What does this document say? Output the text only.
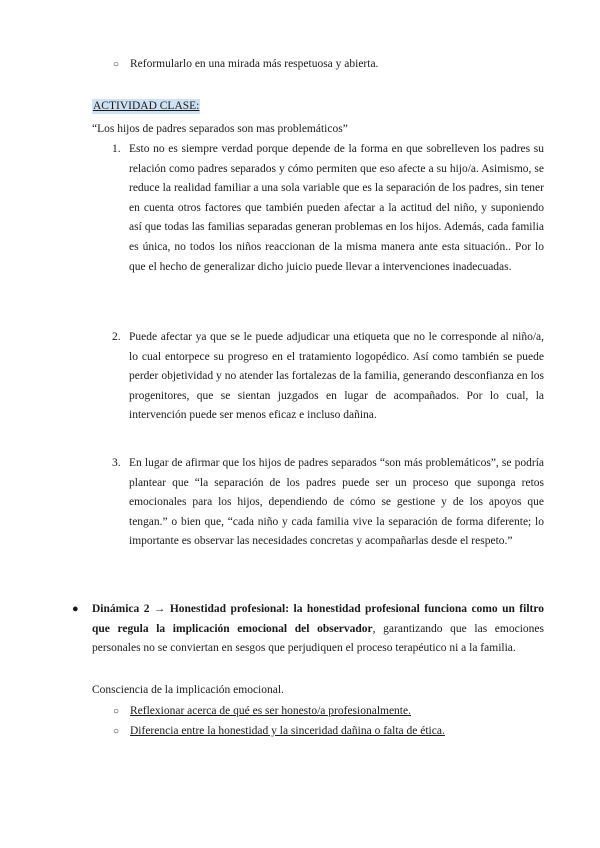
○ Reformularlo en una mirada más respetuosa y abierta.
ACTIVIDAD CLASE:
“Los hijos de padres separados son mas problemáticos”
1. Esto no es siempre verdad porque depende de la forma en que sobrelleven los padres su relación como padres separados y cómo permiten que eso afecte a su hijo/a. Asimismo, se reduce la realidad familiar a una sola variable que es la separación de los padres, sin tener en cuenta otros factores que también pueden afectar a la actitud del niño, y suponiendo así que todas las familias separadas generan problemas en los hijos. Además, cada familia es única, no todos los niños reaccionan de la misma manera ante esta situación.. Por lo que el hecho de generalizar dicho juicio puede llevar a intervenciones inadecuadas.
2. Puede afectar ya que se le puede adjudicar una etiqueta que no le corresponde al niño/a, lo cual entorpece su progreso en el tratamiento logopédico. Así como también se puede perder objetividad y no atender las fortalezas de la familia, generando desconfianza en los progenitores, que se sientan juzgados en lugar de acompañados. Por lo cual, la intervención puede ser menos eficaz e incluso dañina.
3. En lugar de afirmar que los hijos de padres separados “son más problemáticos”, se podría plantear que “la separación de los padres puede ser un proceso que suponga retos emocionales para los hijos, dependiendo de cómo se gestione y de los apoyos que tengan.” o bien que, “cada niño y cada familia vive la separación de forma diferente; lo importante es observar las necesidades concretas y acompañarlas desde el respeto.”
● Dinámica 2 → Honestidad profesional: la honestidad profesional funciona como un filtro que regula la implicación emocional del observador, garantizando que las emociones personales no se conviertan en sesgos que perjudiquen el proceso terapéutico ni a la familia.
Consciencia de la implicación emocional.
○ Reflexionar acerca de qué es ser honesto/a profesionalmente.
○ Diferencia entre la honestidad y la sinceridad dañina o falta de ética.
